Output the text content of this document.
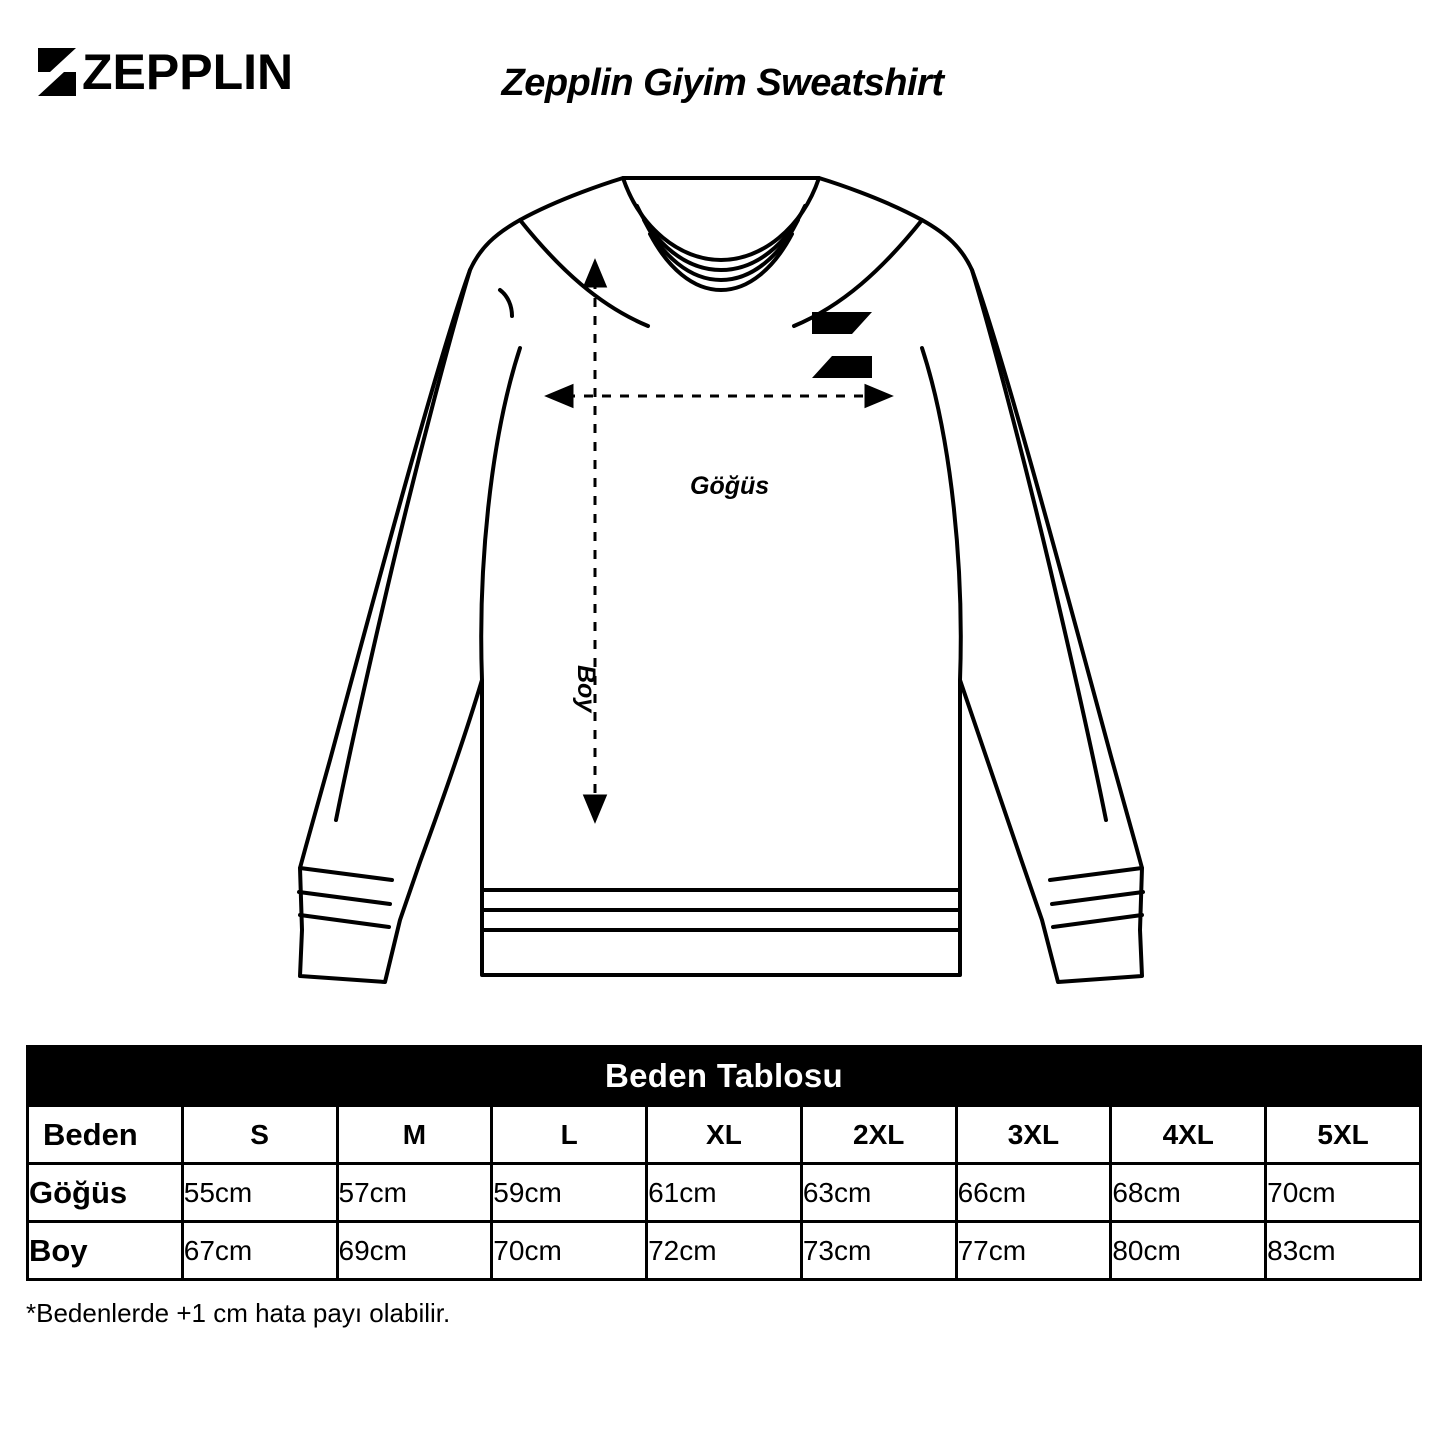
ZEPPLIN	Zepplin Giyim Sweatshirt
Göğüs
Boy
Beden Tablosu								
Beden	S	M	L	XL	2XL	3XL	4XL	5XL
Göğüs	55cm	57cm	59cm	61cm	63cm	66cm	68cm	70cm
Boy	67cm	69cm	70cm	72cm	73cm	77cm	80cm	83cm
*Bedenlerde +1 cm hata payı olabilir.
